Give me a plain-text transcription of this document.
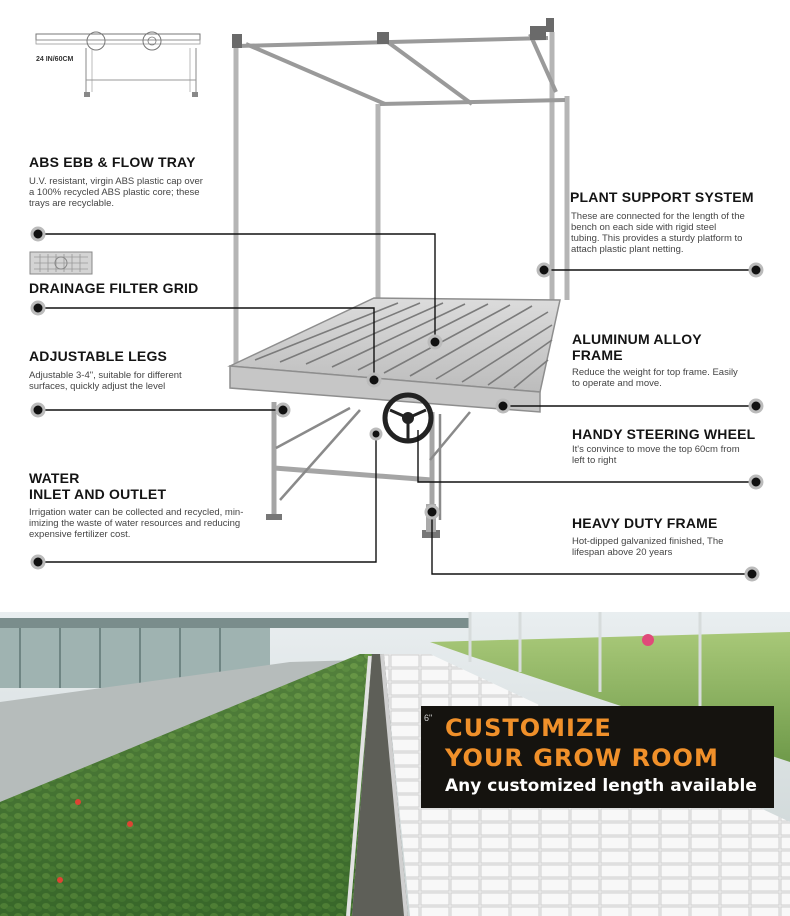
24 IN/60CM
ABS EBB & FLOW TRAY
U.V. resistant, virgin ABS plastic cap over
a 100% recycled ABS plastic core; these
trays are recyclable.
DRAINAGE FILTER GRID
ADJUSTABLE LEGS
Adjustable 3-4", suitable for different
surfaces, quickly adjust the level
WATER
INLET AND OUTLET
Irrigation water can be collected and recycled, min-
imizing the waste of water resources and reducing
expensive fertilizer cost.
PLANT SUPPORT SYSTEM
These are connected for the length of the
bench on each side with rigid steel
tubing. This provides a sturdy platform to
attach plastic plant netting.
ALUMINUM ALLOY
FRAME
Reduce the weight for top frame. Easily
to operate and move.
HANDY STEERING WHEEL
It's convince to move the top 60cm from
left to right
HEAVY DUTY FRAME
Hot-dipped galvanized finished, The
lifespan above 20 years
6" CUSTOMIZE
YOUR GROW ROOM
Any customized length available
